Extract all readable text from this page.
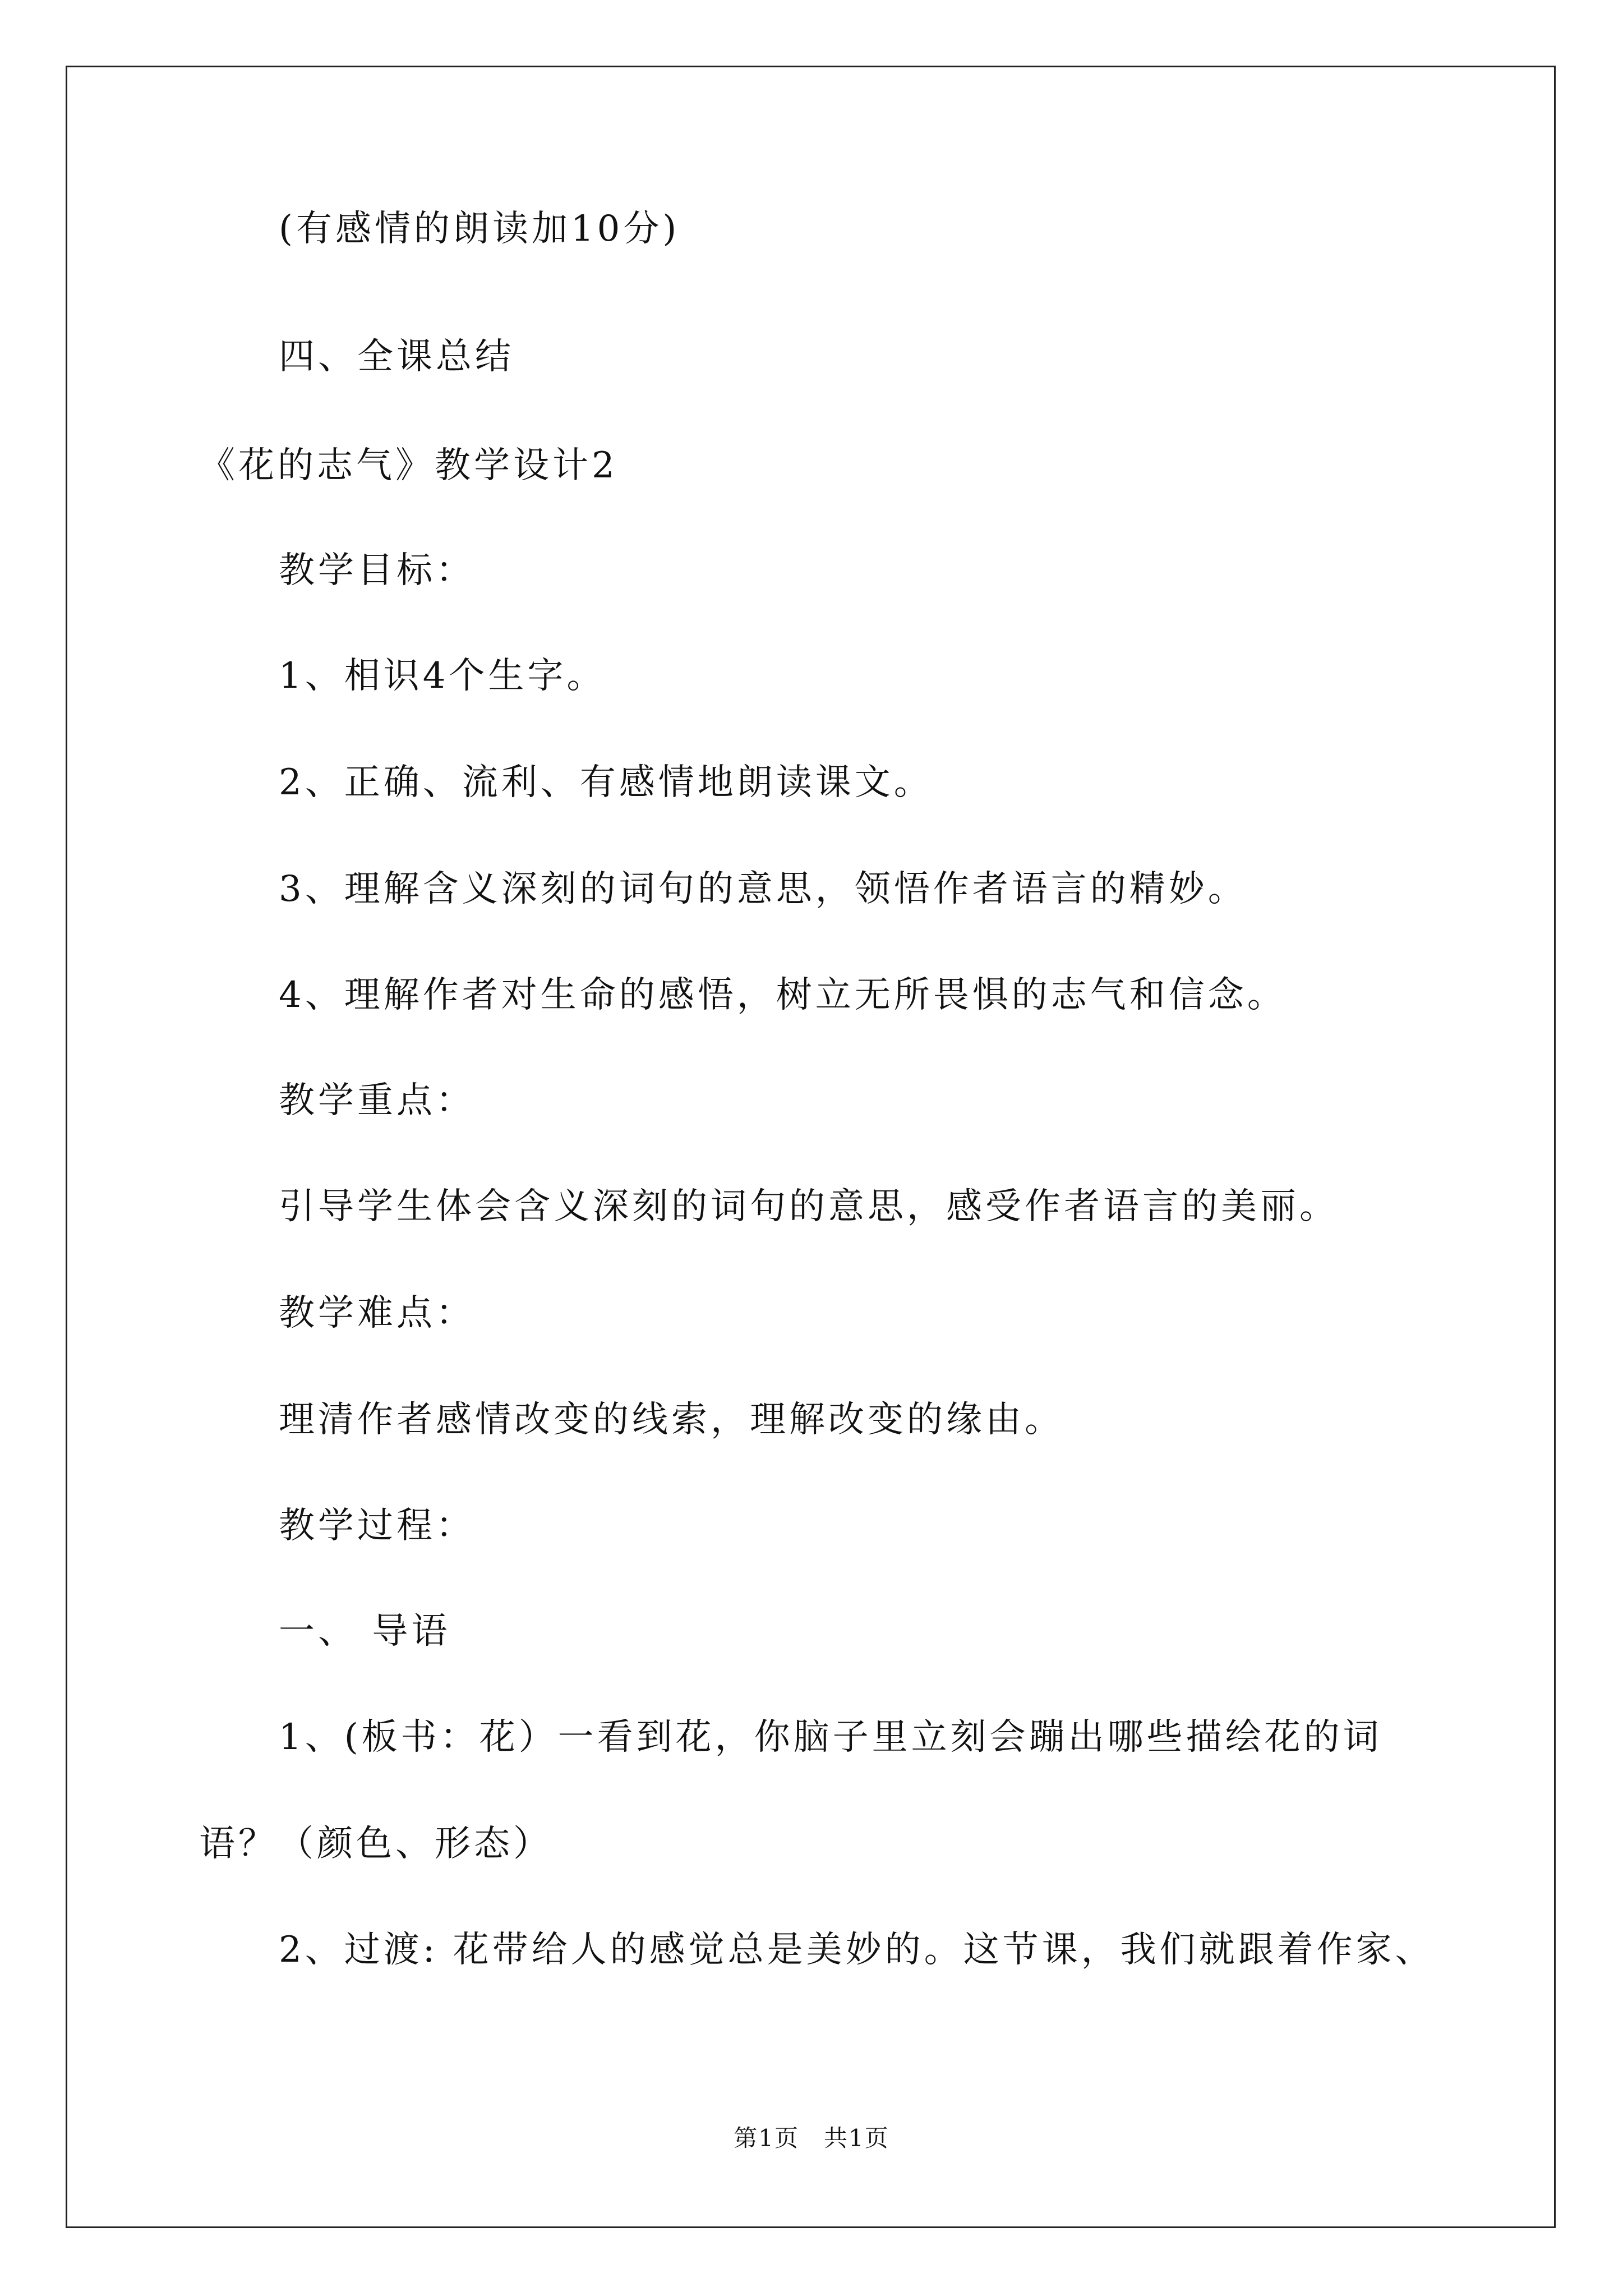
(有感情的朗读加10分)
四、全课总结
《花的志气》教学设计2
教学目标：
1、相识4个生字。
2、正确、流利、有感情地朗读课文。
3、理解含义深刻的词句的意思，领悟作者语言的精妙。
4、理解作者对生命的感悟，树立无所畏惧的志气和信念。
教学重点：
引导学生体会含义深刻的词句的意思，感受作者语言的美丽。
教学难点：
理清作者感情改变的线索，理解改变的缘由。
教学过程：
一、 导语
1、(板书：花）一看到花，你脑子里立刻会蹦出哪些描绘花的词
语？（颜色、形态）
2、过渡: 花带给人的感觉总是美妙的。这节课，我们就跟着作家、
第1页　共1页
